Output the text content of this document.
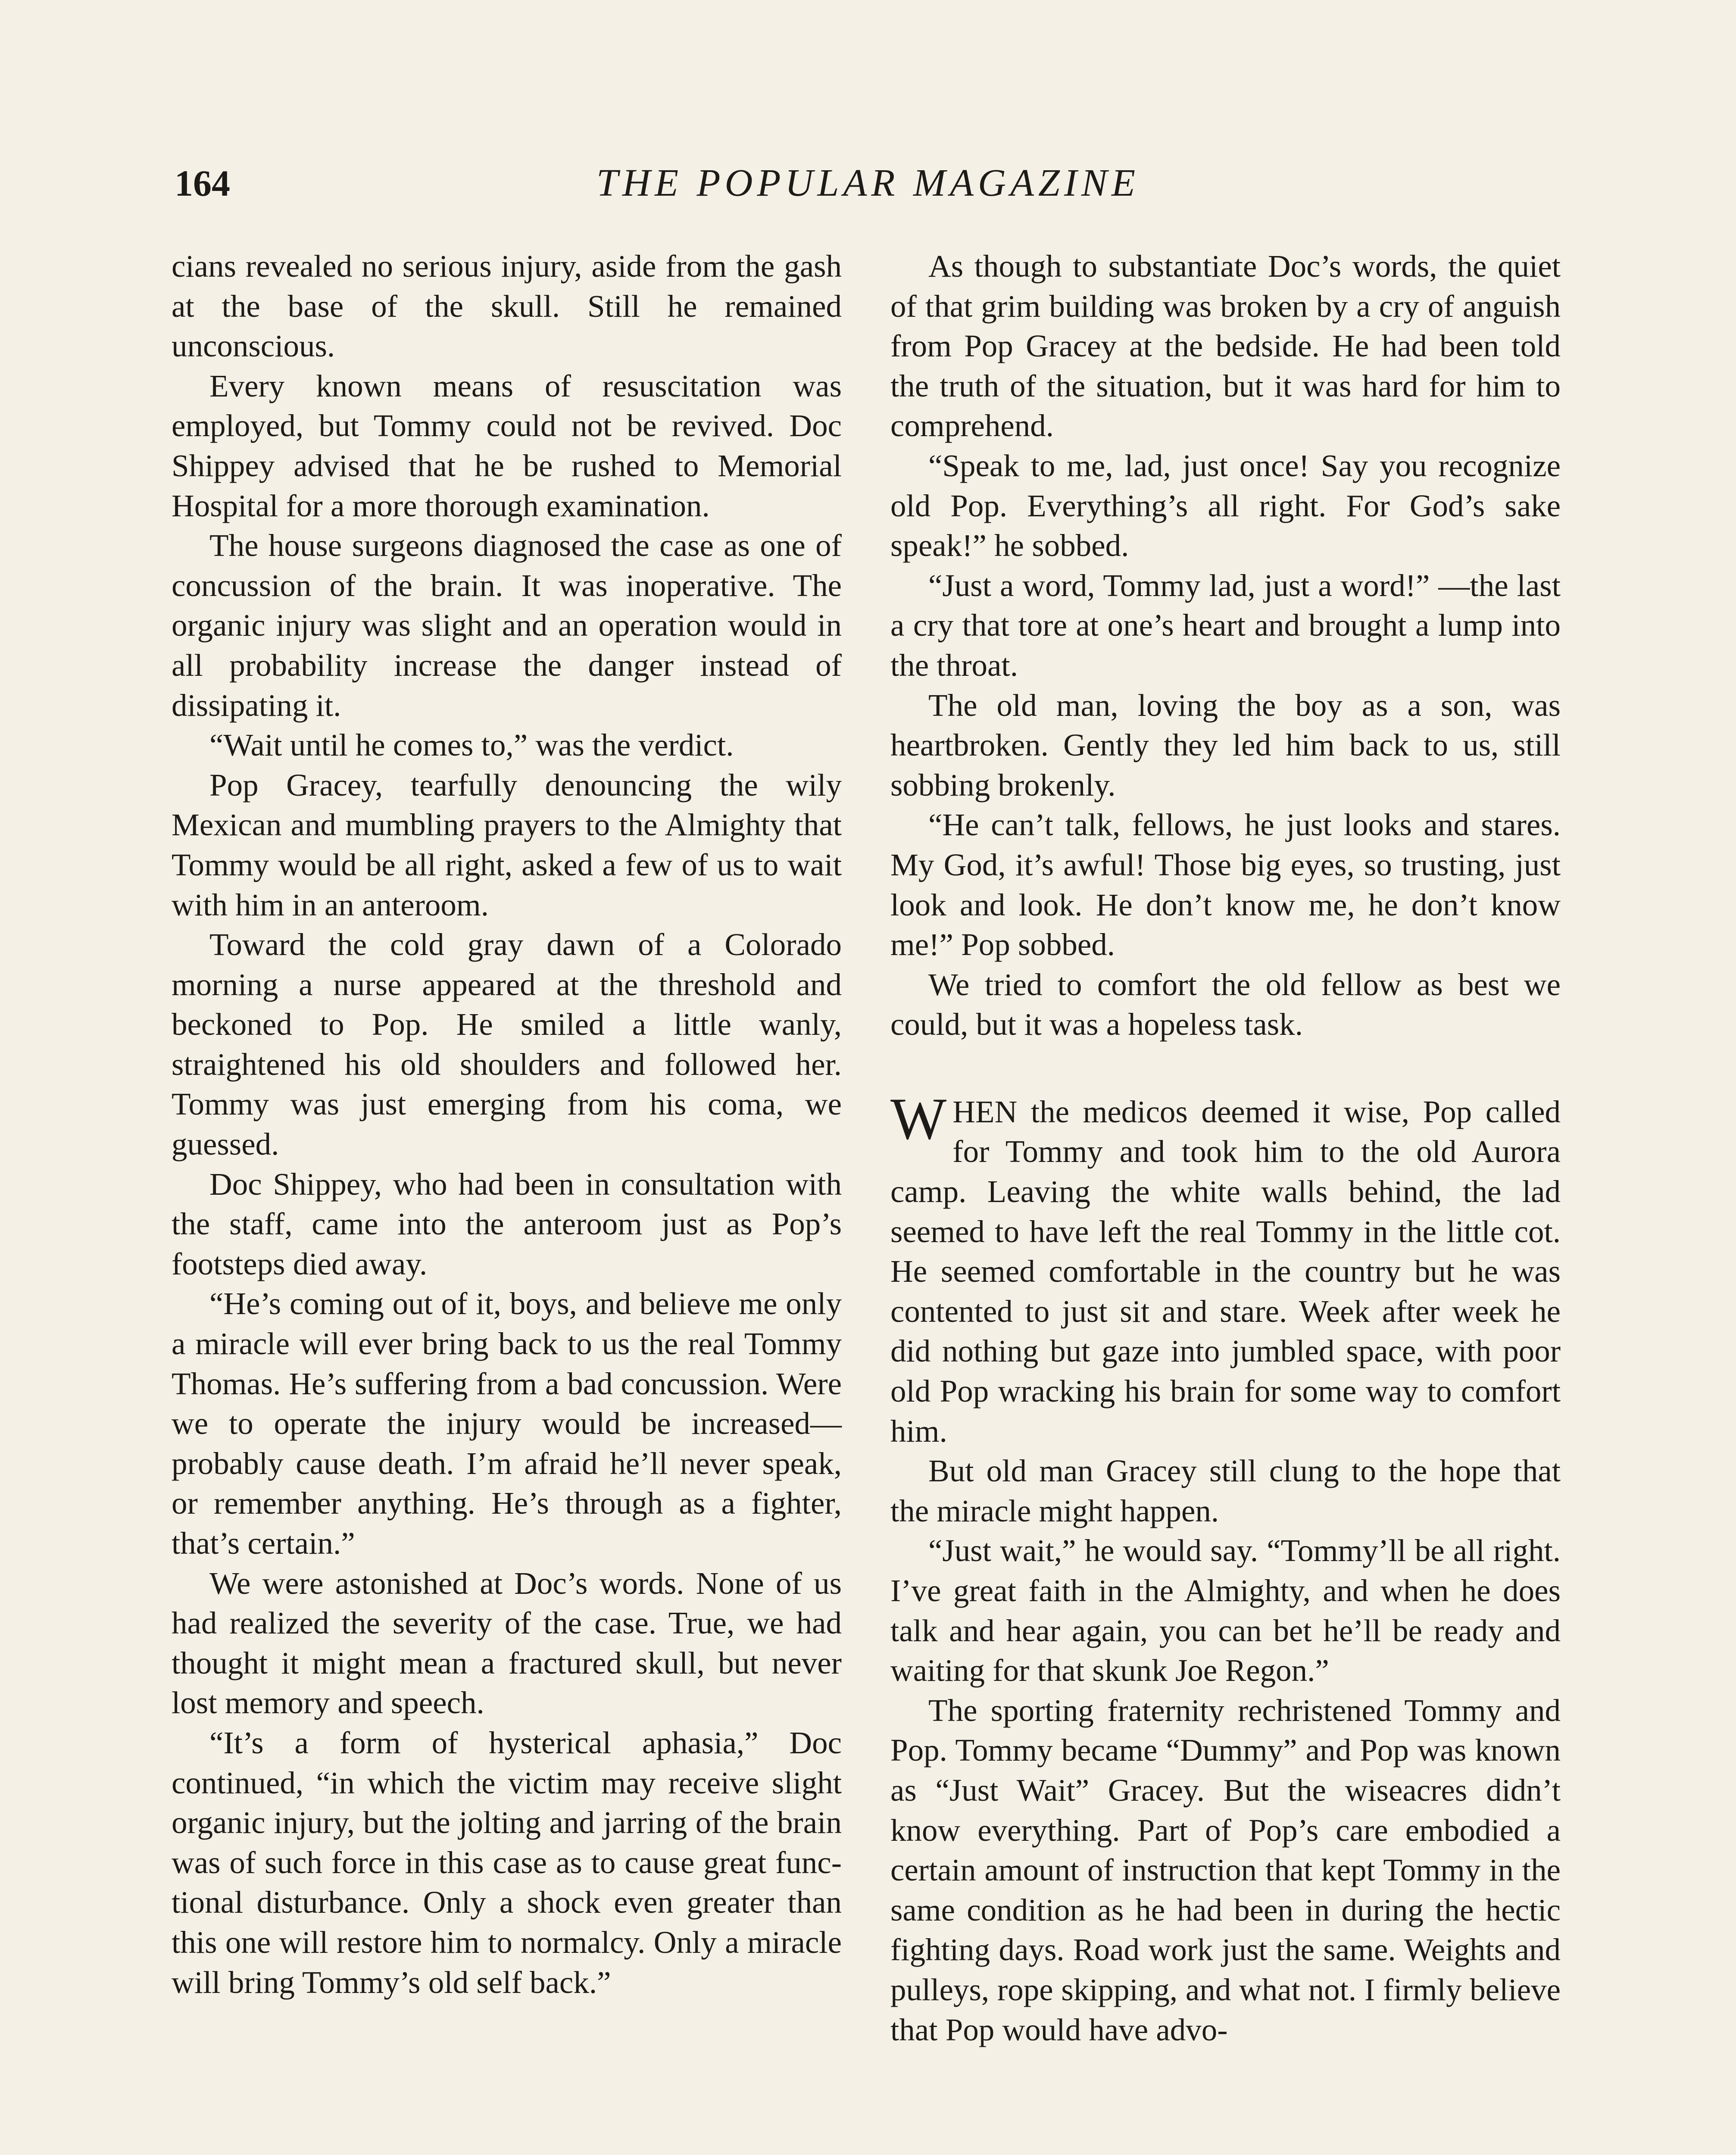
164	THE POPULAR MAGAZINE

cians revealed no serious injury, aside from the gash at the base of the skull. Still he remained unconscious.

Every known means of resuscitation was employed, but Tommy could not be revived. Doc Shippey advised that he be rushed to Memorial Hospital for a more thorough examination.

The house surgeons diagnosed the case as one of concussion of the brain. It was inoperative. The organic injury was slight and an operation would in all probability increase the danger instead of dissipating it.

“Wait until he comes to,” was the verdict.

Pop Gracey, tearfully denouncing the wily Mexican and mumbling prayers to the Almighty that Tommy would be all right, asked a few of us to wait with him in an anteroom.

Toward the cold gray dawn of a Colorado morning a nurse appeared at the threshold and beckoned to Pop. He smiled a little wanly, straightened his old shoulders and followed her. Tommy was just emerging from his coma, we guessed.

Doc Shippey, who had been in consultation with the staff, came into the anteroom just as Pop’s footsteps died away.

“He’s coming out of it, boys, and believe me only a miracle will ever bring back to us the real Tommy Thomas. He’s suffering from a bad concussion. Were we to operate the injury would be increased—probably cause death. I’m afraid he’ll never speak, or remember anything. He’s through as a fighter, that’s certain.”

We were astonished at Doc’s words. None of us had realized the severity of the case. True, we had thought it might mean a fractured skull, but never lost memory and speech.

“It’s a form of hysterical aphasia,” Doc continued, “in which the victim may receive slight organic injury, but the jolting and jarring of the brain was of such force in this case as to cause great functional disturbance. Only a shock even greater than this one will restore him to normalcy. Only a miracle will bring Tommy’s old self back.”

As though to substantiate Doc’s words, the quiet of that grim building was broken by a cry of anguish from Pop Gracey at the bedside. He had been told the truth of the situation, but it was hard for him to comprehend.

“Speak to me, lad, just once! Say you recognize old Pop. Everything’s all right. For God’s sake speak!” he sobbed.

“Just a word, Tommy lad, just a word!” —the last a cry that tore at one’s heart and brought a lump into the throat.

The old man, loving the boy as a son, was heartbroken. Gently they led him back to us, still sobbing brokenly.

“He can’t talk, fellows, he just looks and stares. My God, it’s awful! Those big eyes, so trusting, just look and look. He don’t know me, he don’t know me!” Pop sobbed.

We tried to comfort the old fellow as best we could, but it was a hopeless task.

WHEN the medicos deemed it wise, Pop called for Tommy and took him to the old Aurora camp. Leaving the white walls behind, the lad seemed to have left the real Tommy in the little cot. He seemed comfortable in the country but he was contented to just sit and stare. Week after week he did nothing but gaze into jumbled space, with poor old Pop wracking his brain for some way to comfort him.

But old man Gracey still clung to the hope that the miracle might happen.

“Just wait,” he would say. “Tommy’ll be all right. I’ve great faith in the Almighty, and when he does talk and hear again, you can bet he’ll be ready and waiting for that skunk Joe Regon.”

The sporting fraternity rechristened Tommy and Pop. Tommy became “Dummy” and Pop was known as “Just Wait” Gracey. But the wiseacres didn’t know everything. Part of Pop’s care embodied a certain amount of instruction that kept Tommy in the same condition as he had been in during the hectic fighting days. Road work just the same. Weights and pulleys, rope skipping, and what not. I firmly believe that Pop would have advo-
